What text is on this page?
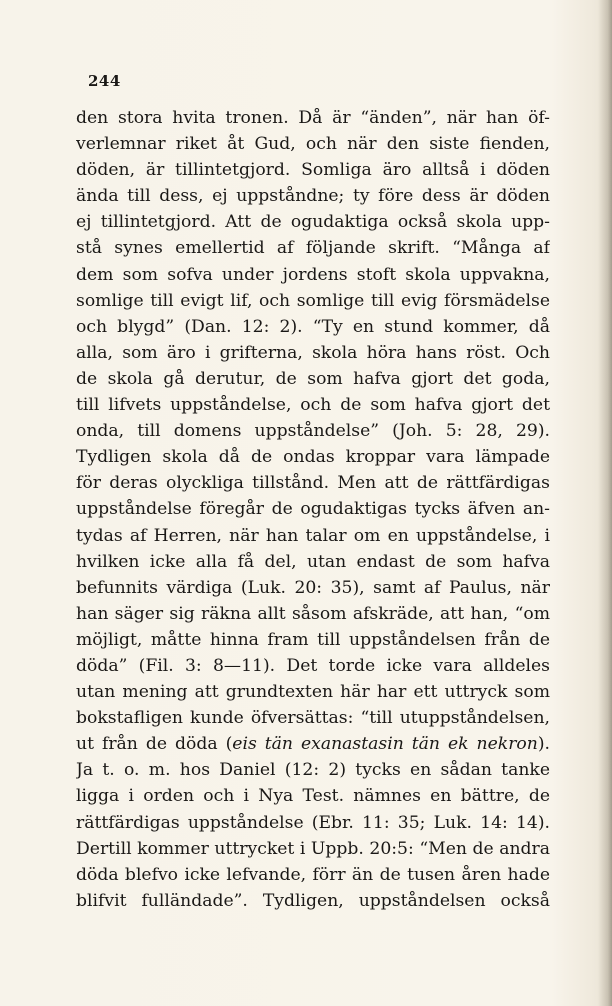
244
den stora hvita tronen. Då är “änden”, när han öf-
verlemnar riket åt Gud, och när den siste fienden,
döden, är tillintetgjord. Somliga äro alltså i döden
ända till dess, ej uppståndne; ty före dess är döden
ej tillintetgjord. Att de ogudaktiga också skola upp-
stå synes emellertid af följande skrift. “Många af
dem som sofva under jordens stoft skola uppvakna,
somlige till evigt lif, och somlige till evig försmädelse
och blygd” (Dan. 12: 2). “Ty en stund kommer, då
alla, som äro i grifterna, skola höra hans röst. Och
de skola gå derutur, de som hafva gjort det goda,
till lifvets uppståndelse, och de som hafva gjort det
onda, till domens uppståndelse” (Joh. 5: 28, 29).
Tydligen skola då de ondas kroppar vara lämpade
för deras olyckliga tillstånd. Men att de rättfärdigas
uppståndelse föregår de ogudaktigas tycks äfven an-
tydas af Herren, när han talar om en uppståndelse, i
hvilken icke alla få del, utan endast de som hafva
befunnits värdiga (Luk. 20: 35), samt af Paulus, när
han säger sig räkna allt såsom afskräde, att han, “om
möjligt, måtte hinna fram till uppståndelsen från de
döda” (Fil. 3: 8—11). Det torde icke vara alldeles
utan mening att grundtexten här har ett uttryck som
bokstafligen kunde öfversättas: “till utuppståndelsen,
ut från de döda (eis tän exanastasin tän ek nekron).
Ja t. o. m. hos Daniel (12: 2) tycks en sådan tanke
ligga i orden och i Nya Test. nämnes en bättre, de
rättfärdigas uppståndelse (Ebr. 11: 35; Luk. 14: 14).
Dertill kommer uttrycket i Uppb. 20:5: “Men de andra
döda blefvo icke lefvande, förr än de tusen åren hade
blifvit fulländade”. Tydligen, uppståndelsen också
